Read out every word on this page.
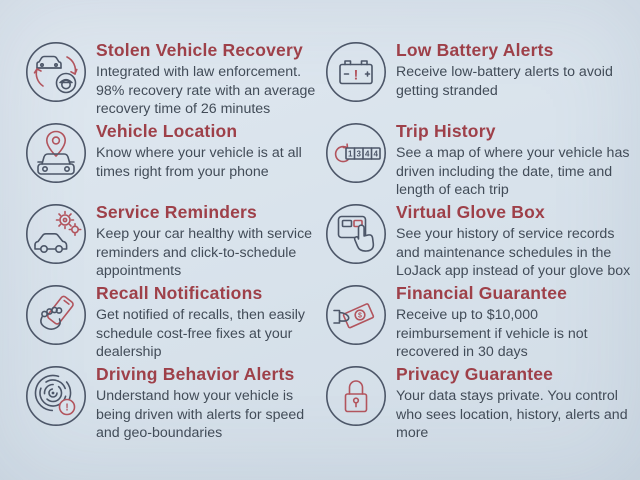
Stolen Vehicle Recovery

Integrated with law enforcement. 98% recovery rate with an average recovery time of 26 minutes

Vehicle Location

Know where your vehicle is at all times right from your phone

Service Reminders

Keep your car healthy with service reminders and click-to-schedule appointments

Recall Notifications

Get notified of recalls, then easily schedule cost-free fixes at your dealership

!
Driving Behavior Alerts

Understand how your vehicle is being driven with alerts for speed and geo-boundaries

!
Low Battery Alerts

Receive low-battery alerts to avoid getting stranded

1 3 4 4
Trip History

See a map of where your vehicle has driven including the date, time and length of each trip

Virtual Glove Box

See your history of service records and maintenance schedules in the LoJack app instead of your glove box

$
Financial Guarantee

Receive up to $10,000 reimbursement if vehicle is not recovered in 30 days

Privacy Guarantee

Your data stays private. You control who sees location, history, alerts and more
